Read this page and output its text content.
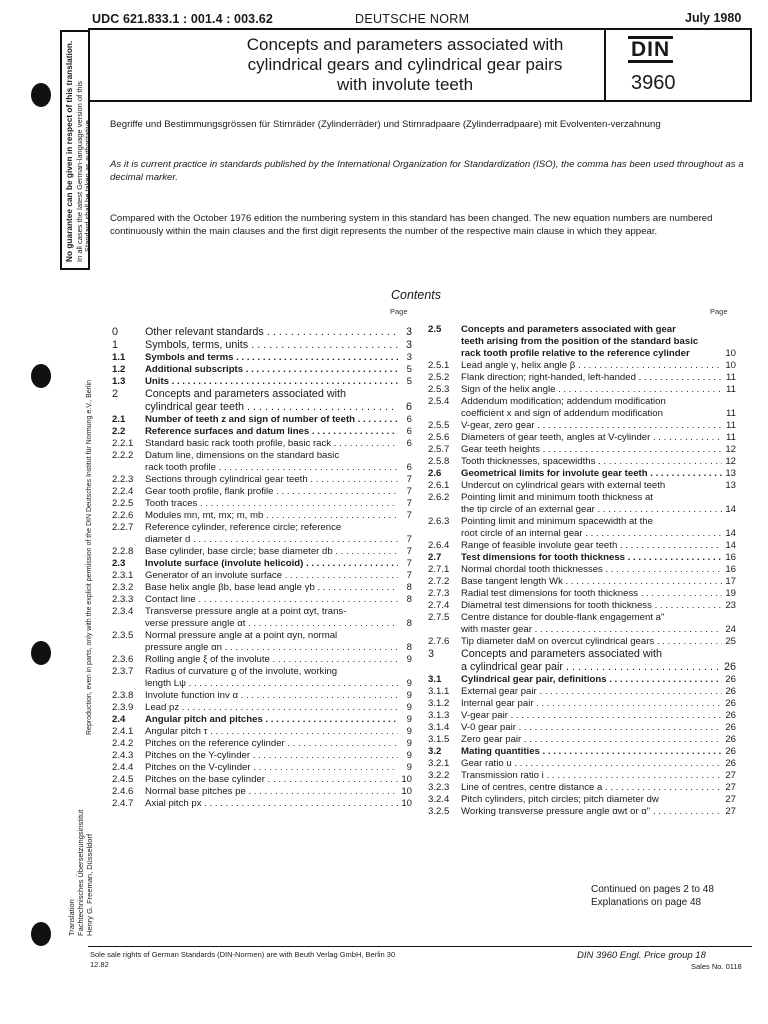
UDC 621.833.1 : 001.4 : 003.62	DEUTSCHE NORM	July 1980
Concepts and parameters associated with
cylindrical gears and cylindrical gear pairs
with involute teeth
DIN
3960
No guarantee can be given in respect of this translation. In all cases the latest German-language version of this Standard shall be taken as authoritative.
Reproduction, even in parts, only with the explicit permission of the DIN Deutsches Institut für Normung e.V., Berlin
Translation Fachtechnisches Übersetzungsinstitut Henry G. Freeman, Düsseldorf
Begriffe und Bestimmungsgrössen für Stirnräder (Zylinderräder) und Stirnradpaare (Zylinderradpaare) mit Evolventen-verzahnung
As it is current practice in standards published by the International Organization for Standardization (ISO), the comma has been used throughout as a decimal marker.
Compared with the October 1976 edition the numbering system in this standard has been changed. The new equation numbers are numbered continuously within the main clauses and the first digit represents the number of the respective main clause in which they appear.
Contents
Page	Page
0	Other relevant standards . . .	3
1	Symbols, terms, units . . .	3
1.1	Symbols and terms . . .	3
1.2	Additional subscripts . . .	5
1.3	Units . . .	5
2	Concepts and parameters associated with
cylindrical gear teeth . . .	6
2.1	Number of teeth z and sign of number of teeth . . .	6
2.2	Reference surfaces and datum lines . . .	6
2.2.1	Standard basic rack tooth profile, basic rack . . .	6
2.2.2	Datum line, dimensions on the standard basic
rack tooth profile . . .	6
2.2.3	Sections through cylindrical gear teeth . . .	7
2.2.4	Gear tooth profile, flank profile . . .	7
2.2.5	Tooth traces . . .	7
2.2.6	Modules mn, mt, mx; m, mb . . .	7
2.2.7	Reference cylinder, reference circle; reference
diameter d . . .	7
2.2.8	Base cylinder, base circle; base diameter db . . .	7
2.3	Involute surface (involute helicoid) . . .	7
2.3.1	Generator of an involute surface . . .	7
2.3.2	Base helix angle βb, base lead angle γb . . .	8
2.3.3	Contact line . . .	8
2.3.4	Transverse pressure angle at a point αyt, trans-
verse pressure angle αt . . .	8
2.3.5	Normal pressure angle at a point αyn, normal
pressure angle αn . . .	8
2.3.6	Rolling angle ξ of the involute . . .	9
2.3.7	Radius of curvature ϱ of the involute, working
length Lψ . . .	9
2.3.8	Involute function inv α . . .	9
2.3.9	Lead pz . . .	9
2.4	Angular pitch and pitches . . .	9
2.4.1	Angular pitch τ . . .	9
2.4.2	Pitches on the reference cylinder . . .	9
2.4.3	Pitches on the Y-cylinder . . .	9
2.4.4	Pitches on the V-cylinder . . .	9
2.4.5	Pitches on the base cylinder . . .	10
2.4.6	Normal base pitches pe . . .	10
2.4.7	Axial pitch px . . .	10
2.5	Concepts and parameters associated with gear
teeth arising from the position of the standard basic
rack tooth profile relative to the reference cylinder	10
2.5.1	Lead angle γ, helix angle β . . .	10
2.5.2	Flank direction; right-handed, left-handed . . .	11
2.5.3	Sign of the helix angle . . .	11
2.5.4	Addendum modification; addendum modification
coefficient x and sign of addendum modification	11
2.5.5	V-gear, zero gear . . .	11
2.5.6	Diameters of gear teeth, angles at V-cylinder . . .	11
2.5.7	Gear teeth heights . . .	12
2.5.8	Tooth thicknesses, spacewidths . . .	12
2.6	Geometrical limits for involute gear teeth . . .	13
2.6.1	Undercut on cylindrical gears with external teeth	13
2.6.2	Pointing limit and minimum tooth thickness at
the tip circle of an external gear . . .	14
2.6.3	Pointing limit and minimum spacewidth at the
root circle of an internal gear . . .	14
2.6.4	Range of feasible involute gear teeth . . .	14
2.7	Test dimensions for tooth thickness . . .	16
2.7.1	Normal chordal tooth thicknesses . . .	16
2.7.2	Base tangent length Wk . . .	17
2.7.3	Radial test dimensions for tooth thickness . . .	19
2.7.4	Diametral test dimensions for tooth thickness . . .	23
2.7.5	Centre distance for double-flank engagement a"
with master gear . . .	24
2.7.6	Tip diameter daM on overcut cylindrical gears . . .	25
3	Concepts and parameters associated with
a cylindrical gear pair . . .	26
3.1	Cylindrical gear pair, definitions . . .	26
3.1.1	External gear pair . . .	26
3.1.2	Internal gear pair . . .	26
3.1.3	V-gear pair . . .	26
3.1.4	V-0 gear pair . . .	26
3.1.5	Zero gear pair . . .	26
3.2	Mating quantities . . .	26
3.2.1	Gear ratio u . . .	26
3.2.2	Transmission ratio i . . .	27
3.2.3	Line of centres, centre distance a . . .	27
3.2.4	Pitch cylinders, pitch circles; pitch diameter dw	27
3.2.5	Working transverse pressure angle αwt or α" . . .	27
Continued on pages 2 to 48
Explanations on page 48
Sole sale rights of German Standards (DIN-Normen) are with Beuth Verlag GmbH, Berlin 30
12.82
DIN 3960 Engl. Price group 18
Sales No. 0118
